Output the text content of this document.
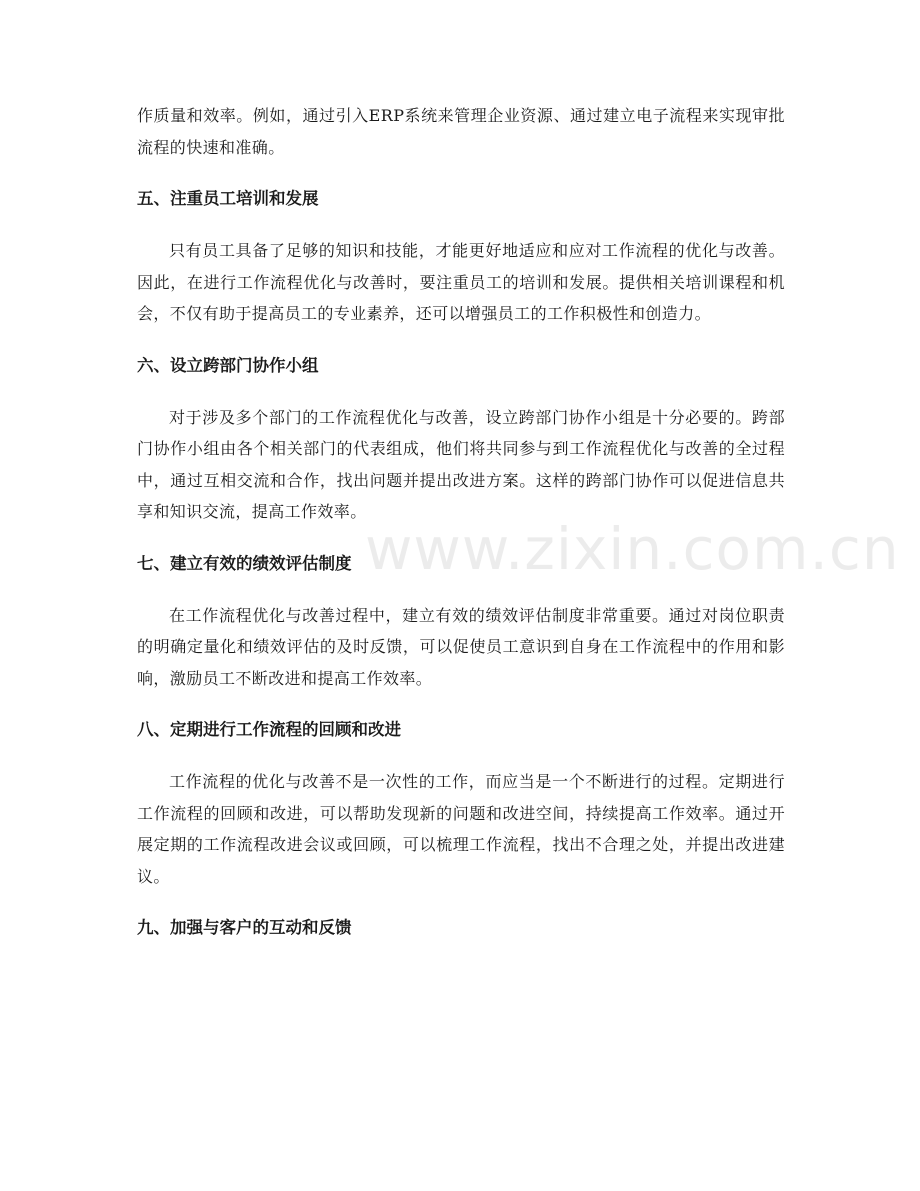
作质量和效率。例如，通过引入ERP系统来管理企业资源、通过建立电子流程来实现审批流程的快速和准确。

五、注重员工培训和发展

只有员工具备了足够的知识和技能，才能更好地适应和应对工作流程的优化与改善。因此，在进行工作流程优化与改善时，要注重员工的培训和发展。提供相关培训课程和机会，不仅有助于提高员工的专业素养，还可以增强员工的工作积极性和创造力。

六、设立跨部门协作小组

对于涉及多个部门的工作流程优化与改善，设立跨部门协作小组是十分必要的。跨部门协作小组由各个相关部门的代表组成，他们将共同参与到工作流程优化与改善的全过程中，通过互相交流和合作，找出问题并提出改进方案。这样的跨部门协作可以促进信息共享和知识交流，提高工作效率。

七、建立有效的绩效评估制度

在工作流程优化与改善过程中，建立有效的绩效评估制度非常重要。通过对岗位职责的明确定量化和绩效评估的及时反馈，可以促使员工意识到自身在工作流程中的作用和影响，激励员工不断改进和提高工作效率。

八、定期进行工作流程的回顾和改进

工作流程的优化与改善不是一次性的工作，而应当是一个不断进行的过程。定期进行工作流程的回顾和改进，可以帮助发现新的问题和改进空间，持续提高工作效率。通过开展定期的工作流程改进会议或回顾，可以梳理工作流程，找出不合理之处，并提出改进建议。

九、加强与客户的互动和反馈
www.zixin.com.cn
